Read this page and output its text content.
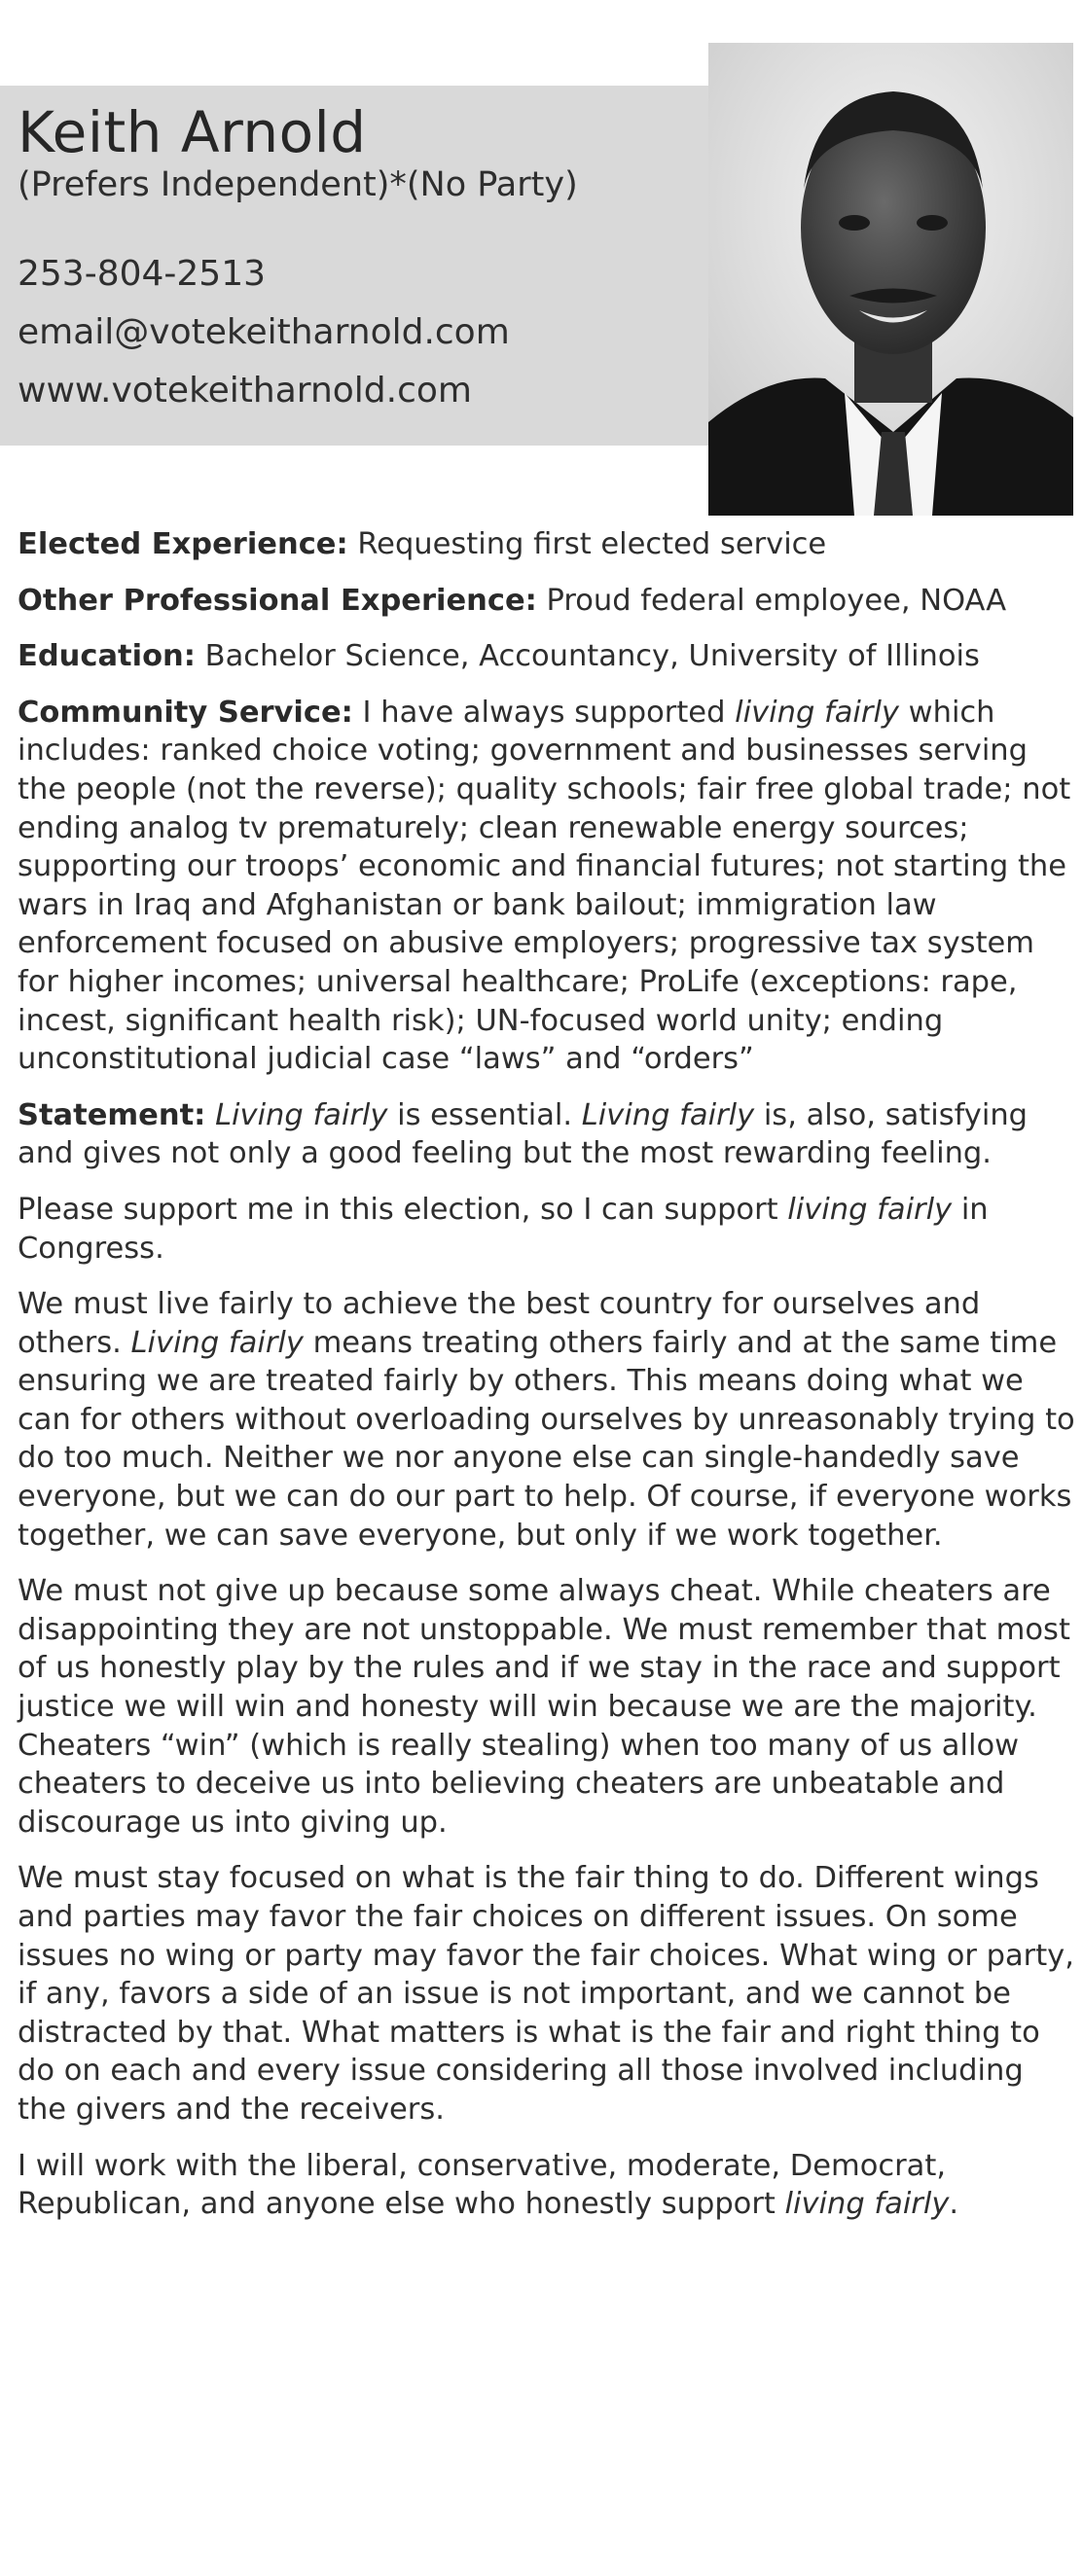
Keith Arnold
(Prefers Independent)*(No Party)
253-804-2513
email@votekeitharnold.com
www.votekeitharnold.com

Elected Experience: Requesting first elected service

Other Professional Experience: Proud federal employee, NOAA

Education: Bachelor Science, Accountancy, University of Illinois

Community Service: I have always supported living fairly which includes: ranked choice voting; government and businesses serving the people (not the reverse); quality schools; fair free global trade; not ending analog tv prematurely; clean renewable energy sources; supporting our troops’ economic and financial futures; not starting the wars in Iraq and Afghanistan or bank bailout; immigration law enforcement focused on abusive employers; progressive tax system for higher incomes; universal healthcare; ProLife (exceptions: rape, incest, significant health risk); UN-focused world unity; ending unconstitutional judicial case “laws” and “orders”

Statement: Living fairly is essential. Living fairly is, also, satisfying and gives not only a good feeling but the most rewarding feeling.

Please support me in this election, so I can support living fairly in Congress.

We must live fairly to achieve the best country for ourselves and others. Living fairly means treating others fairly and at the same time ensuring we are treated fairly by others. This means doing what we can for others without overloading ourselves by unreasonably trying to do too much. Neither we nor anyone else can single-handedly save everyone, but we can do our part to help. Of course, if everyone works together, we can save everyone, but only if we work together.

We must not give up because some always cheat. While cheaters are disappointing they are not unstoppable. We must remember that most of us honestly play by the rules and if we stay in the race and support justice we will win and honesty will win because we are the majority. Cheaters “win” (which is really stealing) when too many of us allow cheaters to deceive us into believing cheaters are unbeatable and discourage us into giving up.

We must stay focused on what is the fair thing to do. Different wings and parties may favor the fair choices on different issues. On some issues no wing or party may favor the fair choices. What wing or party, if any, favors a side of an issue is not important, and we cannot be distracted by that. What matters is what is the fair and right thing to do on each and every issue considering all those involved including the givers and the receivers.

I will work with the liberal, conservative, moderate, Democrat, Republican, and anyone else who honestly support living fairly.
